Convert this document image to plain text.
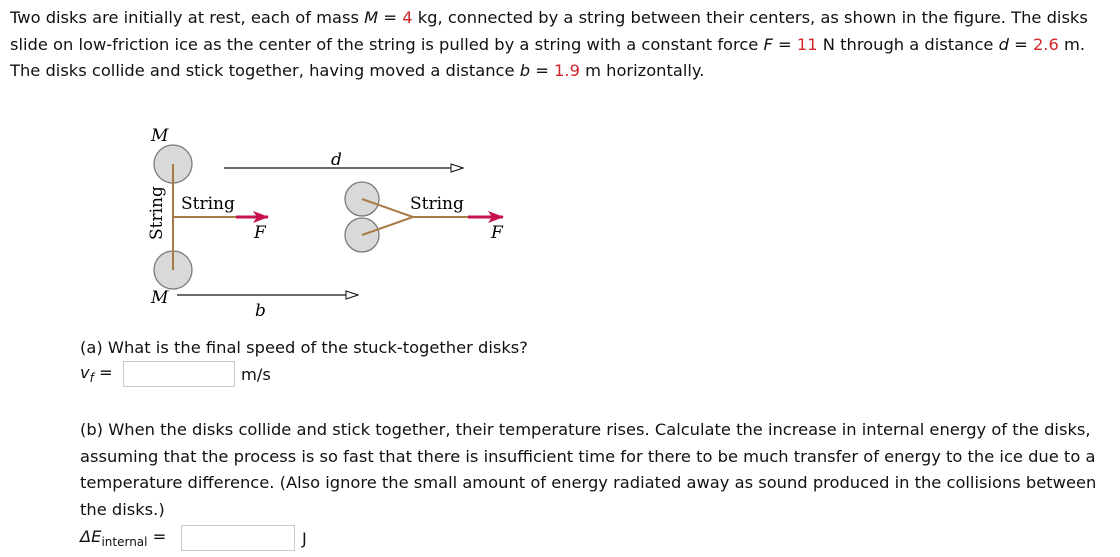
Two disks are initially at rest, each of mass M = 4 kg, connected by a string between their centers, as shown in the figure. The disks slide on low-friction ice as the center of the string is pulled by a string with a constant force F = 11 N through a distance d = 2.6 m. The disks collide and stick together, having moved a distance b = 1.9 m horizontally.
M
String
F
String
M
d
b
String
F
(a) What is the final speed of the stuck-together disks?
$v_f$ =	m/s
(b) When the disks collide and stick together, their temperature rises. Calculate the increase in internal energy of the disks, assuming that the process is so fast that there is insufficient time for there to be much transfer of energy to the ice due to a temperature difference. (Also ignore the small amount of energy radiated away as sound produced in the collisions between the disks.)
$\Delta E_{internal}$ =	J
